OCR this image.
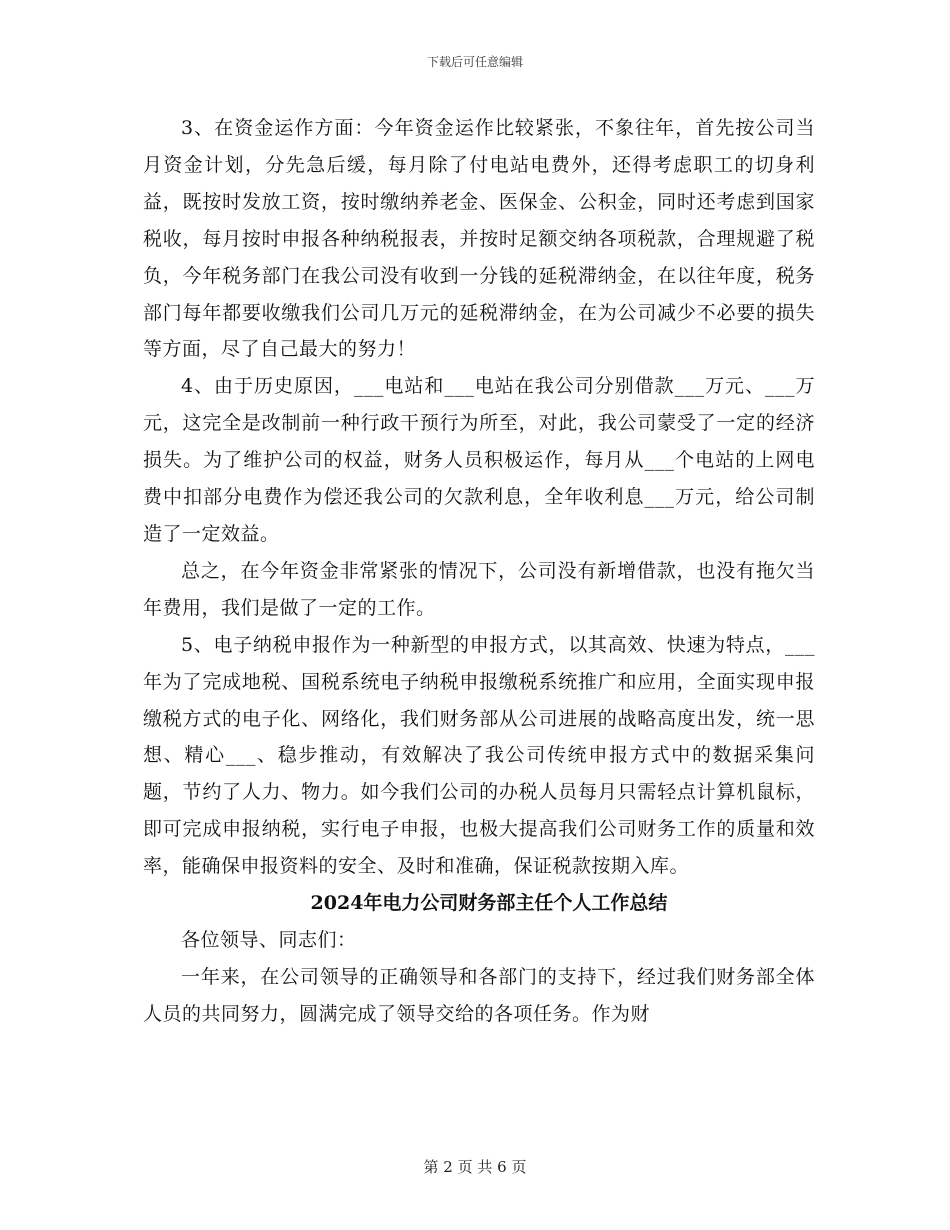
下载后可任意编辑

3、在资金运作方面：今年资金运作比较紧张，不象往年，首先按公司当月资金计划，分先急后缓，每月除了付电站电费外，还得考虑职工的切身利益，既按时发放工资，按时缴纳养老金、医保金、公积金，同时还考虑到国家税收，每月按时申报各种纳税报表，并按时足额交纳各项税款，合理规避了税负，今年税务部门在我公司没有收到一分钱的延税滞纳金，在以往年度，税务部门每年都要收缴我们公司几万元的延税滞纳金，在为公司减少不必要的损失等方面，尽了自己最大的努力！

4、由于历史原因，___电站和___电站在我公司分别借款___万元、___万元，这完全是改制前一种行政干预行为所至，对此，我公司蒙受了一定的经济损失。为了维护公司的权益，财务人员积极运作，每月从___个电站的上网电费中扣部分电费作为偿还我公司的欠款利息，全年收利息___万元，给公司制造了一定效益。

总之，在今年资金非常紧张的情况下，公司没有新增借款，也没有拖欠当年费用，我们是做了一定的工作。

5、电子纳税申报作为一种新型的申报方式，以其高效、快速为特点，___年为了完成地税、国税系统电子纳税申报缴税系统推广和应用，全面实现申报缴税方式的电子化、网络化，我们财务部从公司进展的战略高度出发，统一思想、精心___、稳步推动，有效解决了我公司传统申报方式中的数据采集问题，节约了人力、物力。如今我们公司的办税人员每月只需轻点计算机鼠标，即可完成申报纳税，实行电子申报，也极大提高我们公司财务工作的质量和效率，能确保申报资料的安全、及时和准确，保证税款按期入库。

2024年电力公司财务部主任个人工作总结

各位领导、同志们：

一年来，在公司领导的正确领导和各部门的支持下，经过我们财务部全体人员的共同努力，圆满完成了领导交给的各项任务。作为财

第 2 页 共 6 页
